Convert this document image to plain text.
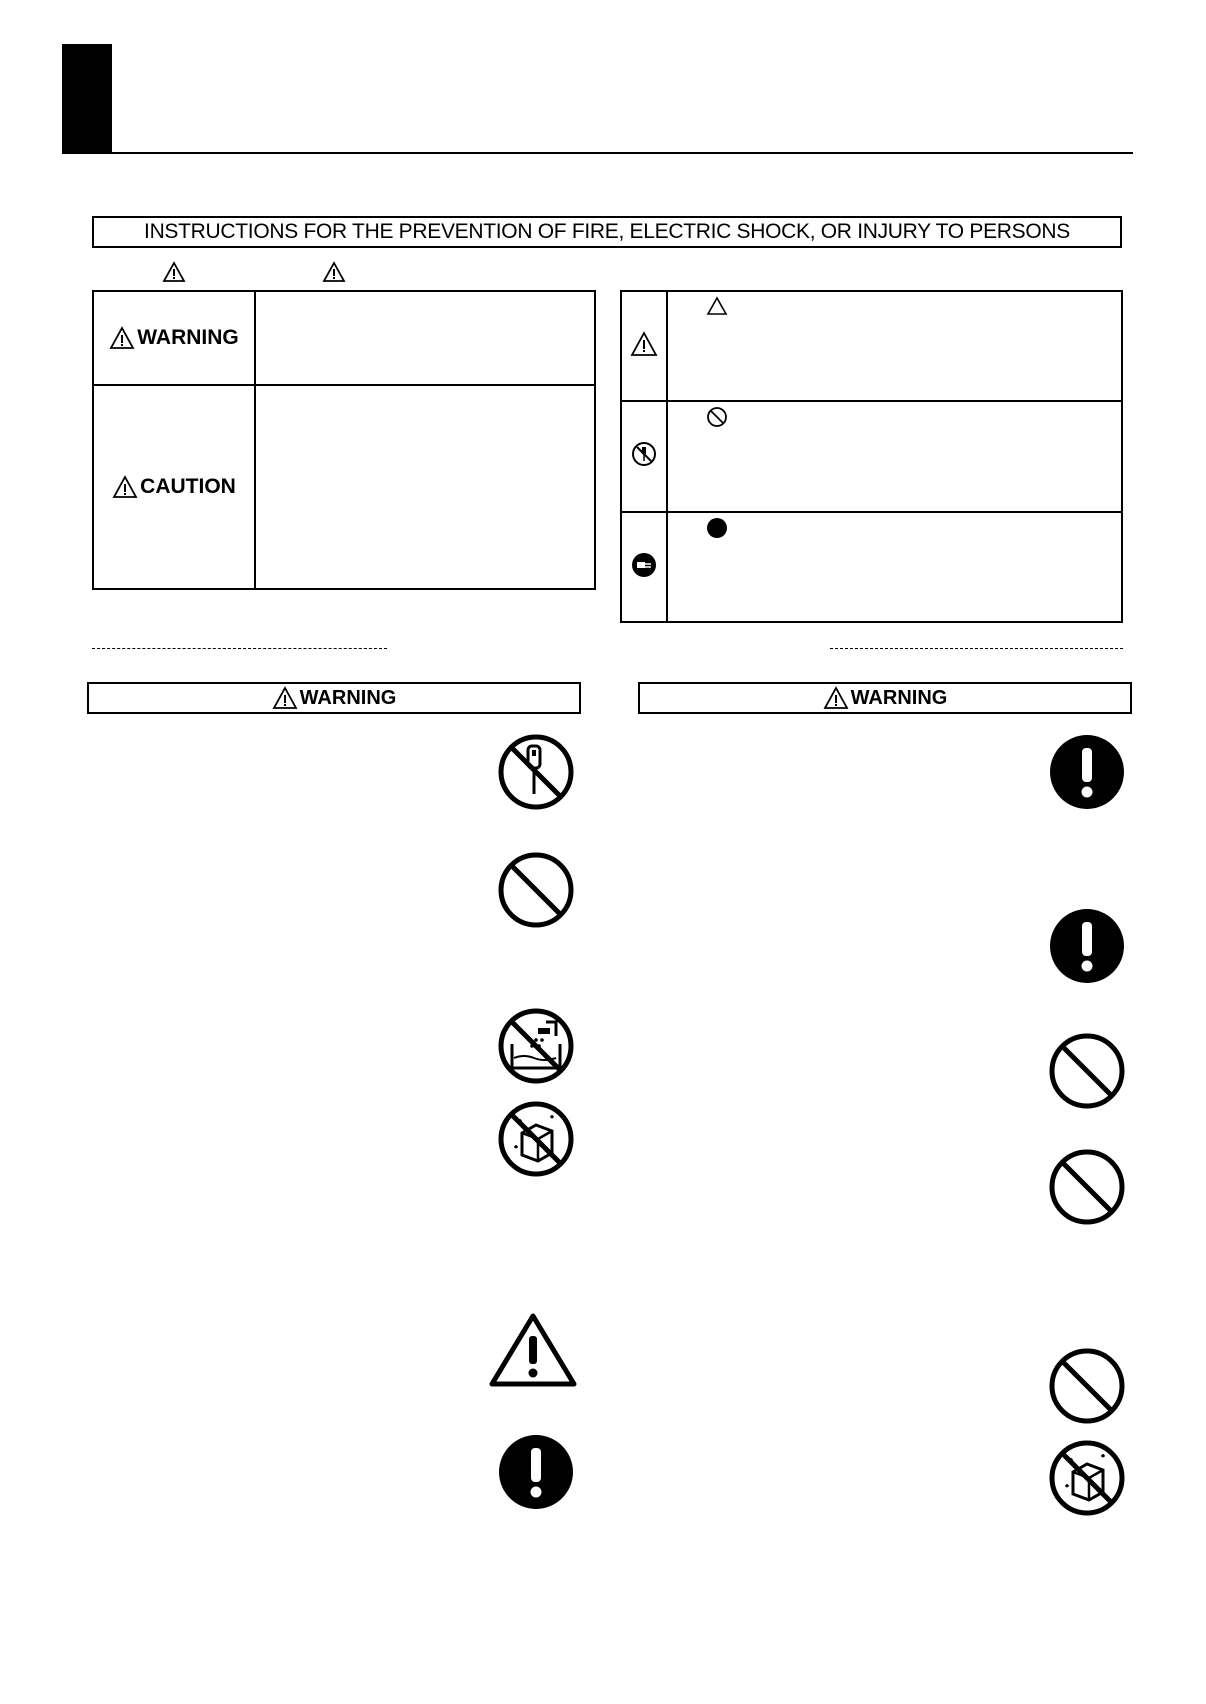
INSTRUCTIONS FOR THE PREVENTION OF FIRE, ELECTRIC SHOCK, OR INJURY TO PERSONS
WARNING	

CAUTION	

WARNING	WARNING
